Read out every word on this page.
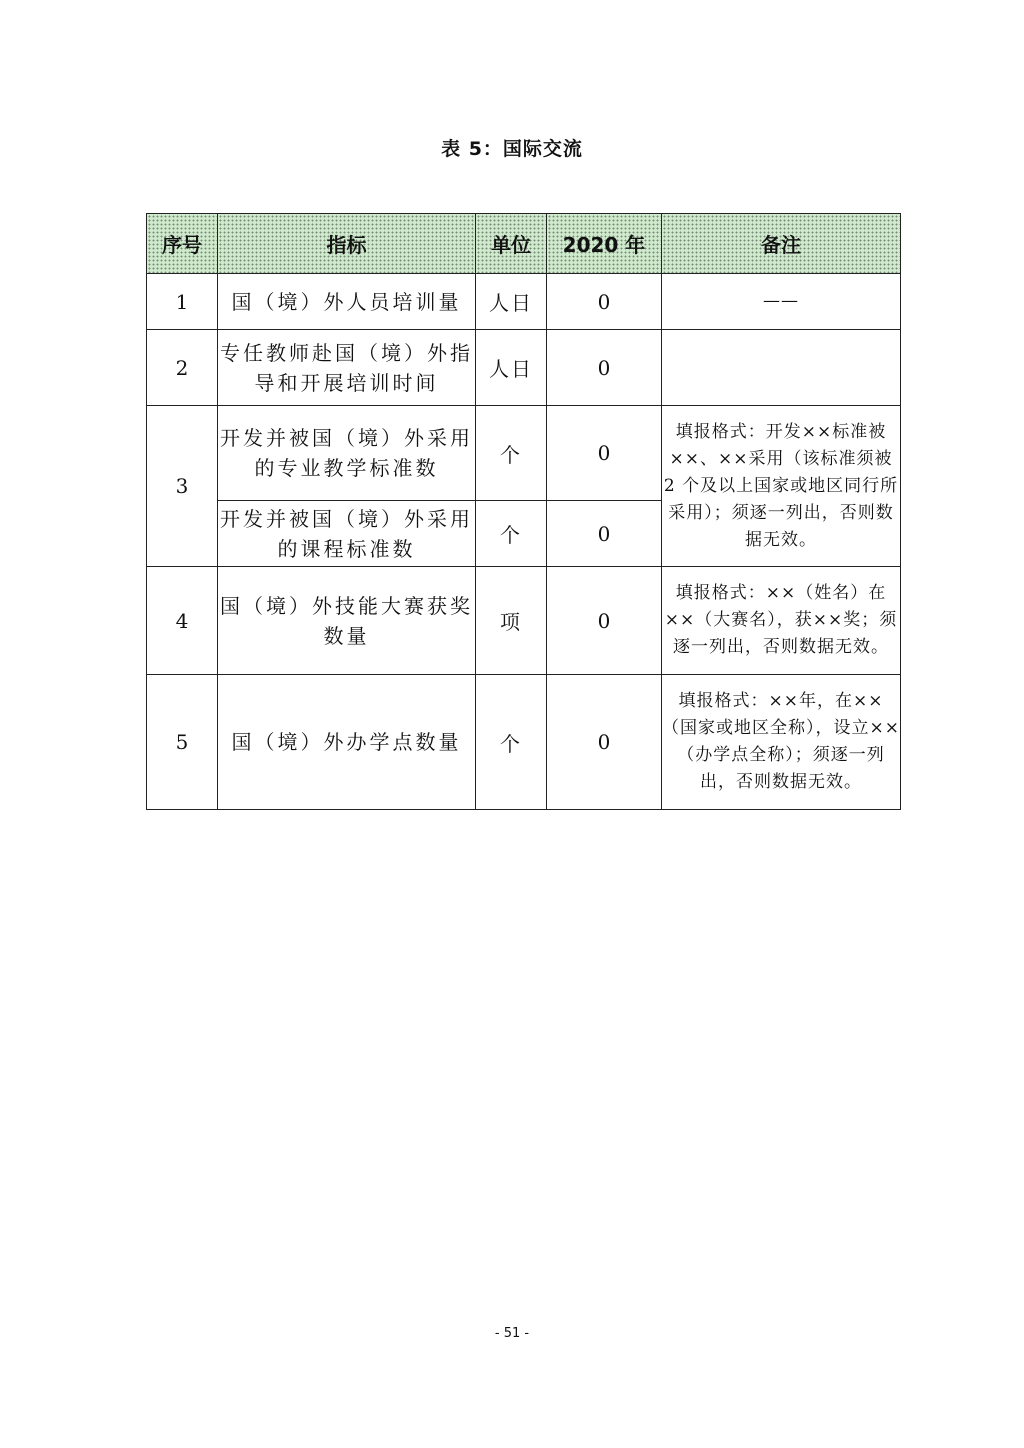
表 5：国际交流
序号	指标	单位	2020 年	备注
1	国（境）外人员培训量	人日	0	——
2	专任教师赴国（境）外指导和开展培训时间	人日	0	
3	开发并被国（境）外采用的专业教学标准数	个	0	填报格式：开发××标准被××、××采用（该标准须被 2 个及以上国家或地区同行所采用）；须逐一列出，否则数据无效。
	开发并被国（境）外采用的课程标准数	个	0	
4	国（境）外技能大赛获奖数量	项	0	填报格式：××（姓名）在××（大赛名），获××奖；须逐一列出，否则数据无效。
5	国（境）外办学点数量	个	0	填报格式：××年，在××（国家或地区全称），设立××（办学点全称）；须逐一列出，否则数据无效。
- 51 -
